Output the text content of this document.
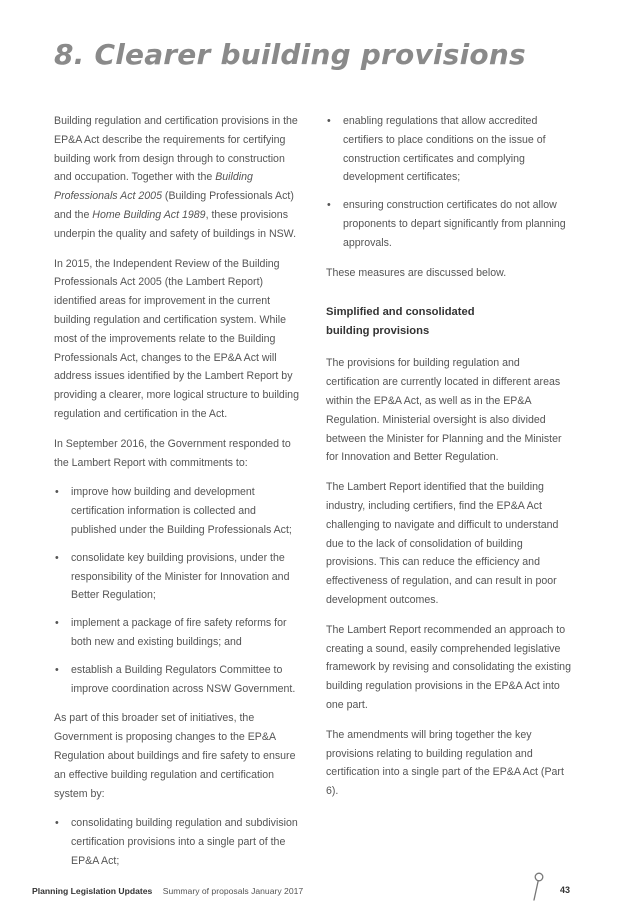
8. Clearer building provisions

Building regulation and certification provisions in the EP&A Act describe the requirements for certifying building work from design through to construction and occupation. Together with the Building Professionals Act 2005 (Building Professionals Act) and the Home Building Act 1989, these provisions underpin the quality and safety of buildings in NSW.

In 2015, the Independent Review of the Building Professionals Act 2005 (the Lambert Report) identified areas for improvement in the current building regulation and certification system. While most of the improvements relate to the Building Professionals Act, changes to the EP&A Act will address issues identified by the Lambert Report by providing a clearer, more logical structure to building regulation and certification in the Act.

In September 2016, the Government responded to the Lambert Report with commitments to:

• improve how building and development certification information is collected and published under the Building Professionals Act;
• consolidate key building provisions, under the responsibility of the Minister for Innovation and Better Regulation;
• implement a package of fire safety reforms for both new and existing buildings; and
• establish a Building Regulators Committee to improve coordination across NSW Government.

As part of this broader set of initiatives, the Government is proposing changes to the EP&A Regulation about buildings and fire safety to ensure an effective building regulation and certification system by:

• consolidating building regulation and subdivision certification provisions into a single part of the EP&A Act;
• enabling regulations that allow accredited certifiers to place conditions on the issue of construction certificates and complying development certificates;
• ensuring construction certificates do not allow proponents to depart significantly from planning approvals.

These measures are discussed below.

Simplified and consolidated
building provisions

The provisions for building regulation and certification are currently located in different areas within the EP&A Act, as well as in the EP&A Regulation. Ministerial oversight is also divided between the Minister for Planning and the Minister for Innovation and Better Regulation.

The Lambert Report identified that the building industry, including certifiers, find the EP&A Act challenging to navigate and difficult to understand due to the lack of consolidation of building provisions. This can reduce the efficiency and effectiveness of regulation, and can result in poor development outcomes.

The Lambert Report recommended an approach to creating a sound, easily comprehended legislative framework by revising and consolidating the existing building regulation provisions in the EP&A Act into one part.

The amendments will bring together the key provisions relating to building regulation and certification into a single part of the EP&A Act (Part 6).

Planning Legislation Updates Summary of proposals January 2017	43
